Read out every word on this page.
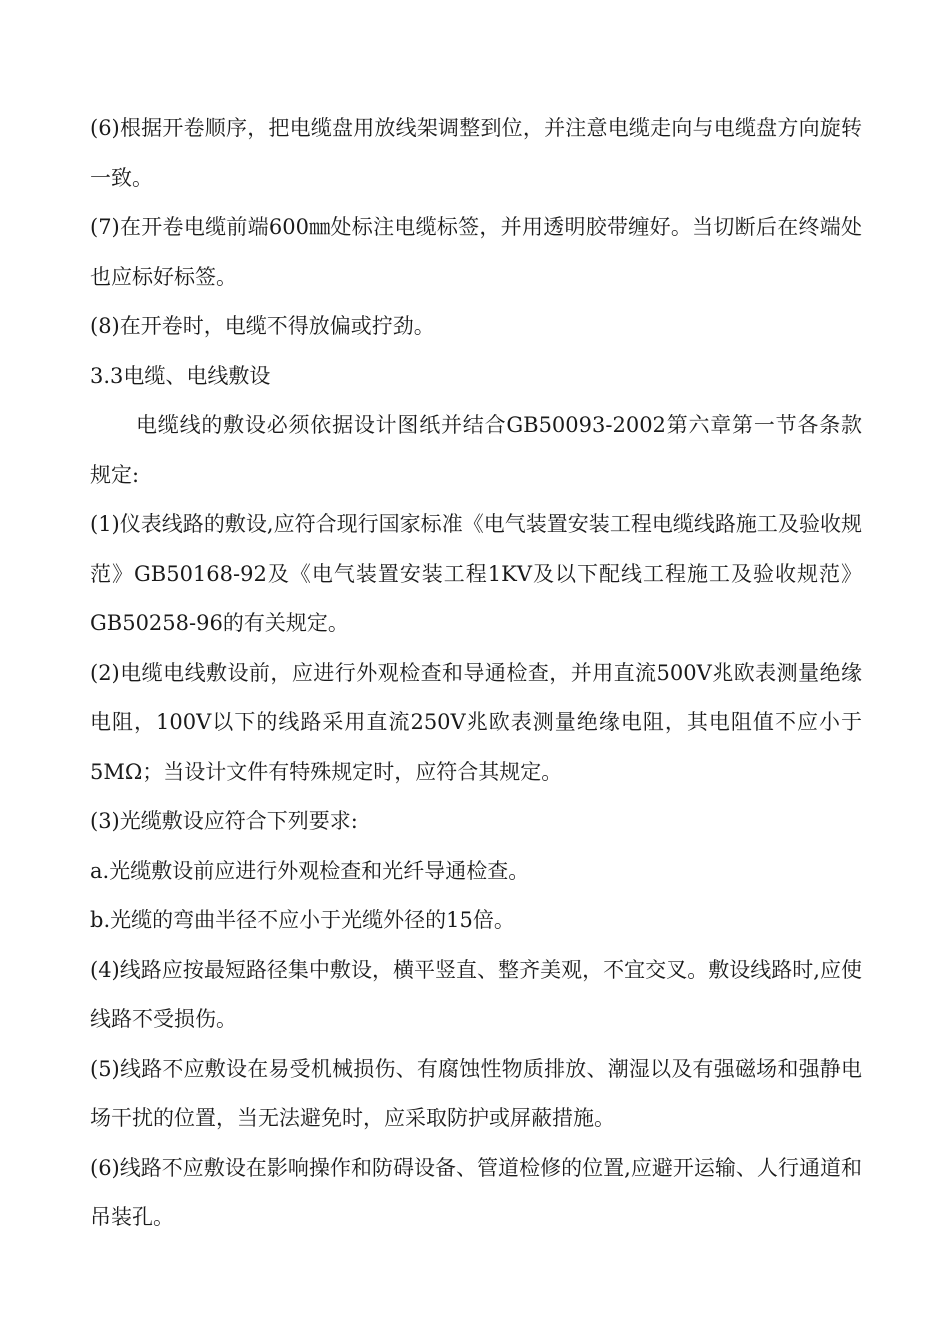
(6)根据开卷顺序，把电缆盘用放线架调整到位，并注意电缆走向与电缆盘方向旋转一致。

(7)在开卷电缆前端600㎜处标注电缆标签，并用透明胶带缠好。当切断后在终端处也应标好标签。

(8)在开卷时，电缆不得放偏或拧劲。

3.3电缆、电线敷设

电缆线的敷设必须依据设计图纸并结合GB50093-2002第六章第一节各条款规定:

(1)仪表线路的敷设,应符合现行国家标准《电气装置安装工程电缆线路施工及验收规范》GB50168-92及《电气装置安装工程1KV及以下配线工程施工及验收规范》GB50258-96的有关规定。

(2)电缆电线敷设前，应进行外观检查和导通检查，并用直流500V兆欧表测量绝缘电阻，100V以下的线路采用直流250V兆欧表测量绝缘电阻，其电阻值不应小于5MΩ；当设计文件有特殊规定时，应符合其规定。

(3)光缆敷设应符合下列要求:

a.光缆敷设前应进行外观检查和光纤导通检查。

b.光缆的弯曲半径不应小于光缆外径的15倍。

(4)线路应按最短路径集中敷设，横平竖直、整齐美观，不宜交叉。敷设线路时,应使线路不受损伤。

(5)线路不应敷设在易受机械损伤、有腐蚀性物质排放、潮湿以及有强磁场和强静电场干扰的位置，当无法避免时，应采取防护或屏蔽措施。

(6)线路不应敷设在影响操作和防碍设备、管道检修的位置,应避开运输、人行通道和吊装孔。
